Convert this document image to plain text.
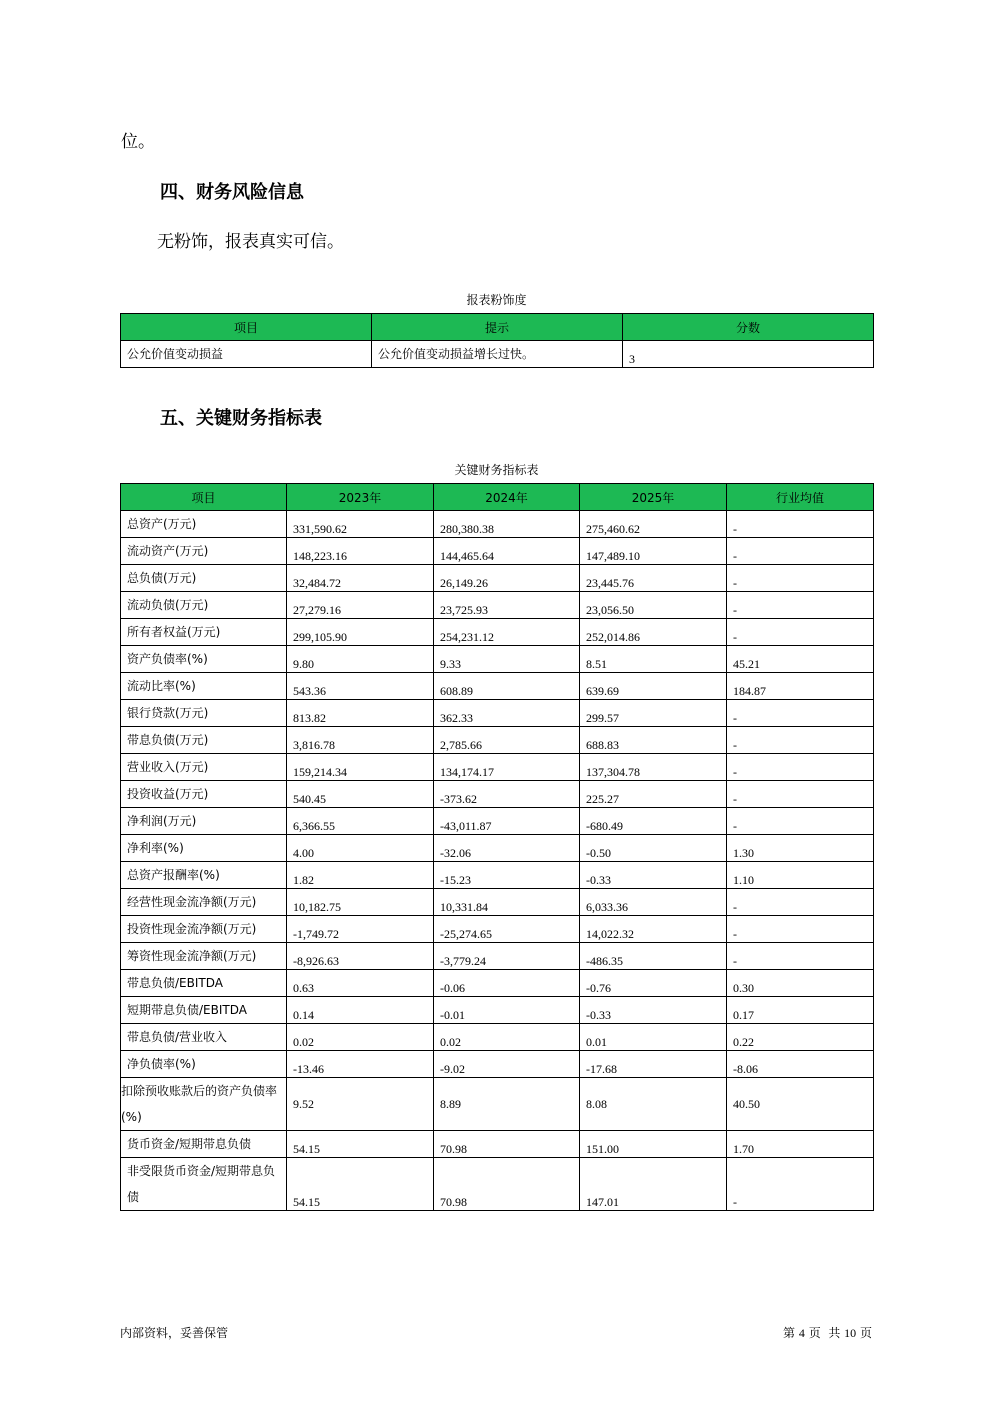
位。
四、财务风险信息

无粉饰，报表真实可信。

报表粉饰度
项目	提示	分数
公允价值变动损益	公允价值变动损益增长过快。	3
五、关键财务指标表
关键财务指标表
项目	2023年	2024年	2025年	行业均值
总资产(万元)	331,590.62	280,380.38	275,460.62	-
流动资产(万元)	148,223.16	144,465.64	147,489.10	-
总负债(万元)	32,484.72	26,149.26	23,445.76	-
流动负债(万元)	27,279.16	23,725.93	23,056.50	-
所有者权益(万元)	299,105.90	254,231.12	252,014.86	-
资产负债率(%)	9.80	9.33	8.51	45.21
流动比率(%)	543.36	608.89	639.69	184.87
银行贷款(万元)	813.82	362.33	299.57	-
带息负债(万元)	3,816.78	2,785.66	688.83	-
营业收入(万元)	159,214.34	134,174.17	137,304.78	-
投资收益(万元)	540.45	-373.62	225.27	-
净利润(万元)	6,366.55	-43,011.87	-680.49	-
净利率(%)	4.00	-32.06	-0.50	1.30
总资产报酬率(%)	1.82	-15.23	-0.33	1.10
经营性现金流净额(万元)	10,182.75	10,331.84	6,033.36	-
投资性现金流净额(万元)	-1,749.72	-25,274.65	14,022.32	-
筹资性现金流净额(万元)	-8,926.63	-3,779.24	-486.35	-
带息负债/EBITDA	0.63	-0.06	-0.76	0.30
短期带息负债/EBITDA	0.14	-0.01	-0.33	0.17
带息负债/营业收入	0.02	0.02	0.01	0.22
净负债率(%)	-13.46	-9.02	-17.68	-8.06
扣除预收账款后的资产负债率(%)	9.52	8.89	8.08	40.50
货币资金/短期带息负债	54.15	70.98	151.00	1.70
非受限货币资金/短期带息负债	54.15	70.98	147.01	-
内部资料，妥善保管	第 4 页  共 10 页
